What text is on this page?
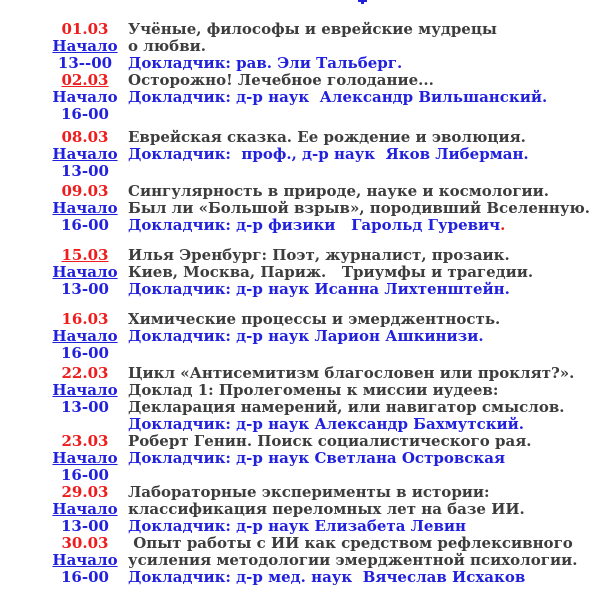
01.03	Учёные, философы и еврейские мудрецы
Начало о любви.
13--00	Докладчик: рав. Эли Тальберг.
02.03	Осторожно! Лечебное голодание...
Начало Докладчик: д-р наук  Александр Вильшанский.
16-00
08.03	Еврейская сказка. Ее рождение и эволюция.
Начало Докладчик:  проф., д-р наук  Яков Либерман.
13-00
09.03	Сингулярность в природе, науке и космологии.
Начало Был ли «Большой взрыв», породивший Вселенную.
16-00	Докладчик: д-р физики   Гарольд Гуревич.
15.03	Илья Эренбург: Поэт, журналист, прозаик.
Начало Киев, Москва, Париж.   Триумфы и трагедии.
13-00	Докладчик: д-р наук Исанна Лихтенштейн.
16.03	Химические процессы и эмерджентность.
Начало Докладчик: д-р наук Ларион Ашкинизи.
16-00
22.03	Цикл «Антисемитизм благословен или проклят?».
Начало Доклад 1: Пролегомены к миссии иудеев:
13-00	Декларация намерений, или навигатор смыслов.
Докладчик: д-р наук Александр Бахмутский.
23.03	Роберт Генин. Поиск социалистического рая.
Начало Докладчик: д-р наук Светлана Островская
16-00
29.03	Лабораторные эксперименты в истории:
Начало классификация переломных лет на базе ИИ.
13-00	Докладчик: д-р наук Елизабета Левин
30.03	Опыт работы с ИИ как средством рефлексивного
Начало усиления методологии эмерджентной психологии.
16-00	Докладчик: д-р мед. наук  Вячеслав Исхаков
